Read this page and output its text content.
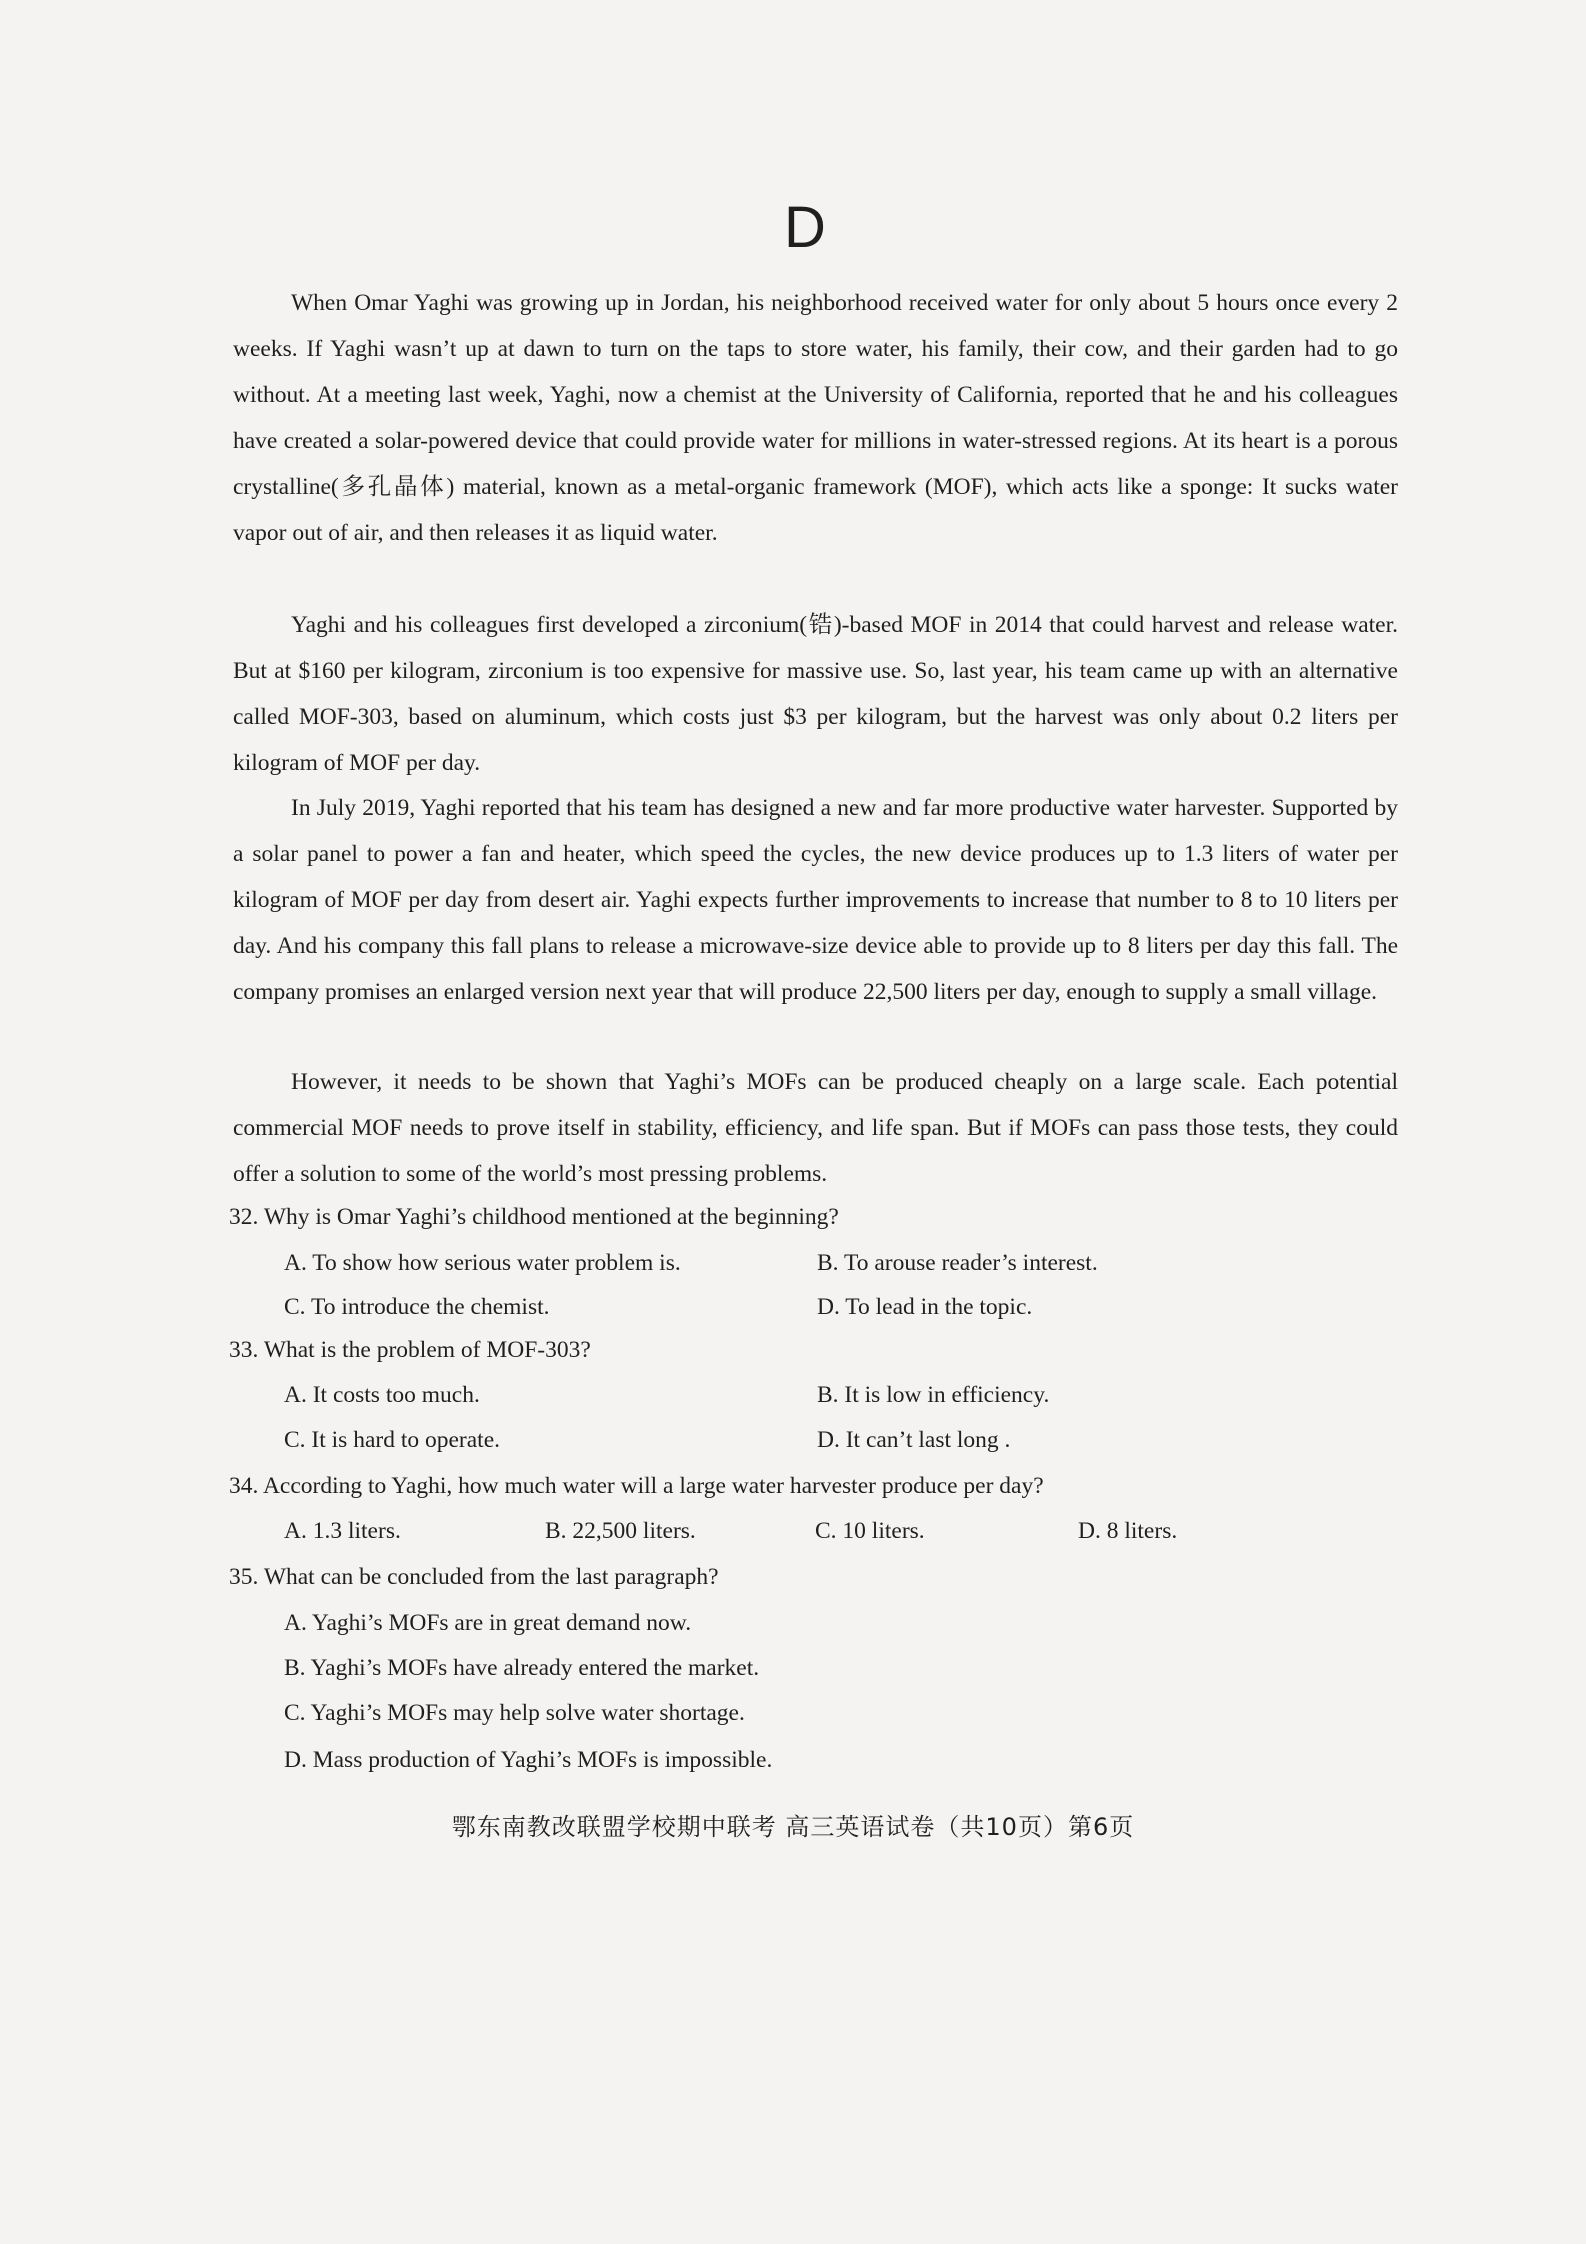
D
When Omar Yaghi was growing up in Jordan, his neighborhood received water for only about 5 hours once every 2 weeks. If Yaghi wasn’t up at dawn to turn on the taps to store water, his family, their cow, and their garden had to go without. At a meeting last week, Yaghi, now a chemist at the University of California, reported that he and his colleagues have created a solar-powered device that could provide water for millions in water-stressed regions. At its heart is a porous crystalline(多孔晶体) material, known as a metal-organic framework (MOF), which acts like a sponge: It sucks water vapor out of air, and then releases it as liquid water.
Yaghi and his colleagues first developed a zirconium(锆)-based MOF in 2014 that could harvest and release water. But at $160 per kilogram, zirconium is too expensive for massive use. So, last year, his team came up with an alternative called MOF-303, based on aluminum, which costs just $3 per kilogram, but the harvest was only about 0.2 liters per kilogram of MOF per day.
In July 2019, Yaghi reported that his team has designed a new and far more productive water harvester. Supported by a solar panel to power a fan and heater, which speed the cycles, the new device produces up to 1.3 liters of water per kilogram of MOF per day from desert air. Yaghi expects further improvements to increase that number to 8 to 10 liters per day. And his company this fall plans to release a microwave-size device able to provide up to 8 liters per day this fall. The company promises an enlarged version next year that will produce 22,500 liters per day, enough to supply a small village.
However, it needs to be shown that Yaghi’s MOFs can be produced cheaply on a large scale. Each potential commercial MOF needs to prove itself in stability, efficiency, and life span. But if MOFs can pass those tests, they could offer a solution to some of the world’s most pressing problems.
32. Why is Omar Yaghi’s childhood mentioned at the beginning?
A. To show how serious water problem is.	B. To arouse reader’s interest.
C. To introduce the chemist.	D. To lead in the topic.
33. What is the problem of MOF-303?
A. It costs too much.	B. It is low in efficiency.
C. It is hard to operate.	D. It can’t last long .
34. According to Yaghi, how much water will a large water harvester produce per day?
A. 1.3 liters.	B. 22,500 liters.	C. 10 liters.	D. 8 liters.
35. What can be concluded from the last paragraph?
A. Yaghi’s MOFs are in great demand now.
B. Yaghi’s MOFs have already entered the market.
C. Yaghi’s MOFs may help solve water shortage.
D. Mass production of Yaghi’s MOFs is impossible.
鄂东南教改联盟学校期中联考 高三英语试卷（共10页）第6页
